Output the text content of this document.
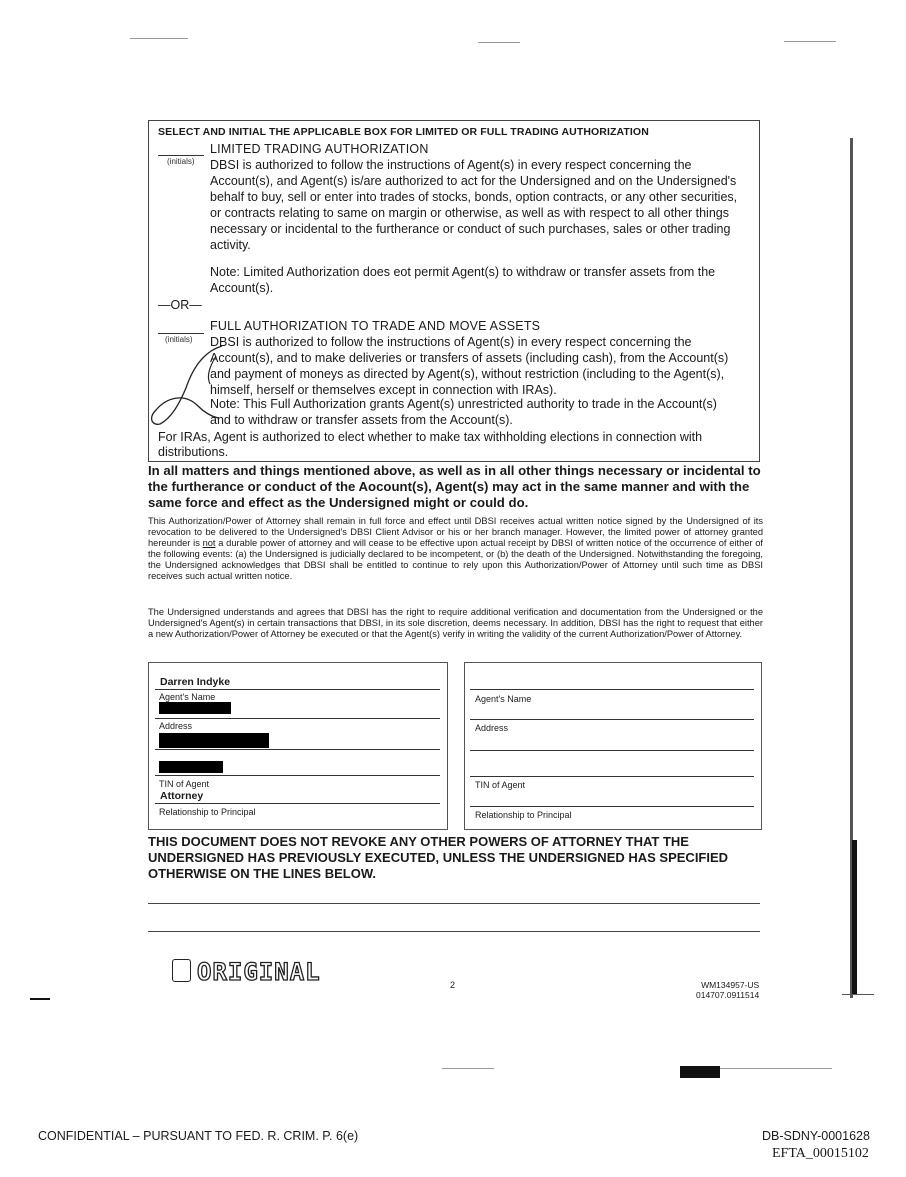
SELECT AND INITIAL THE APPLICABLE BOX FOR LIMITED OR FULL TRADING AUTHORIZATION
(initials)
LIMITED TRADING AUTHORIZATION
DBSI is authorized to follow the instructions of Agent(s) in every respect concerning the Account(s), and Agent(s) is/are authorized to act for the Undersigned and on the Undersigned's behalf to buy, sell or enter into trades of stocks, bonds, option contracts, or any other securities, or contracts relating to same on margin or otherwise, as well as with respect to all other things necessary or incidental to the furtherance or conduct of such purchases, sales or other trading activity.
Note: Limited Authorization does eot permit Agent(s) to withdraw or transfer assets from the Account(s).
—OR—
(initials)
FULL AUTHORIZATION TO TRADE AND MOVE ASSETS
DBSI is authorized to follow the instructions of Agent(s) in every respect concerning the Account(s), and to make deliveries or transfers of assets (including cash), from the Account(s) and payment of moneys as directed by Agent(s), without restriction (including to the Agent(s), himself, herself or themselves except in connection with IRAs).
Note: This Full Authorization grants Agent(s) unrestricted authority to trade in the Account(s) and to withdraw or transfer assets from the Account(s).
For IRAs, Agent is authorized to elect whether to make tax withholding elections in connection with distributions.
In all matters and things mentioned above, as well as in all other things necessary or incidental to the furtherance or conduct of the Aocount(s), Agent(s) may act in the same manner and with the same force and effect as the Undersigned might or could do.
This Authorization/Power of Attorney shall remain in full force and effect until DBSI receives actual written notice signed by the Undersigned of its revocation to be delivered to the Undersigned's DBSI Client Advisor or his or her branch manager. However, the limited power of attorney granted hereunder is not a durable power of attorney and will cease to be effective upon actual receipt by DBSI of written notice of the occurrence of either of the following events: (a) the Undersigned is judicially declared to be incompetent, or (b) the death of the Undersigned. Notwithstanding the foregoing, the Undersigned acknowledges that DBSI shall be entitled to continue to rely upon this Authorization/Power of Attorney until such time as DBSI receives such actual written notice.
The Undersigned understands and agrees that DBSI has the right to require additional verification and documentation from the Undersigned or the Undersigned's Agent(s) in certain transactions that DBSI, in its sole discretion, deems necessary. In addition, DBSI has the right to request that either a new Authorization/Power of Attorney be executed or that the Agent(s) verify in writing the validity of the current Authorization/Power of Attorney.
Darren Indyke
Agent's Name
Address
TIN of Agent
Attorney
Relationship to Principal
Agent's Name
Address
TIN of Agent
Relationship to Principal
THIS DOCUMENT DOES NOT REVOKE ANY OTHER POWERS OF ATTORNEY THAT THE UNDERSIGNED HAS PREVIOUSLY EXECUTED, UNLESS THE UNDERSIGNED HAS SPECIFIED OTHERWISE ON THE LINES BELOW.
ORIGINAL	2	WM134957-US
014707.0911514
CONFIDENTIAL – PURSUANT TO FED. R. CRIM. P. 6(e)	DB-SDNY-0001628
EFTA_00015102
